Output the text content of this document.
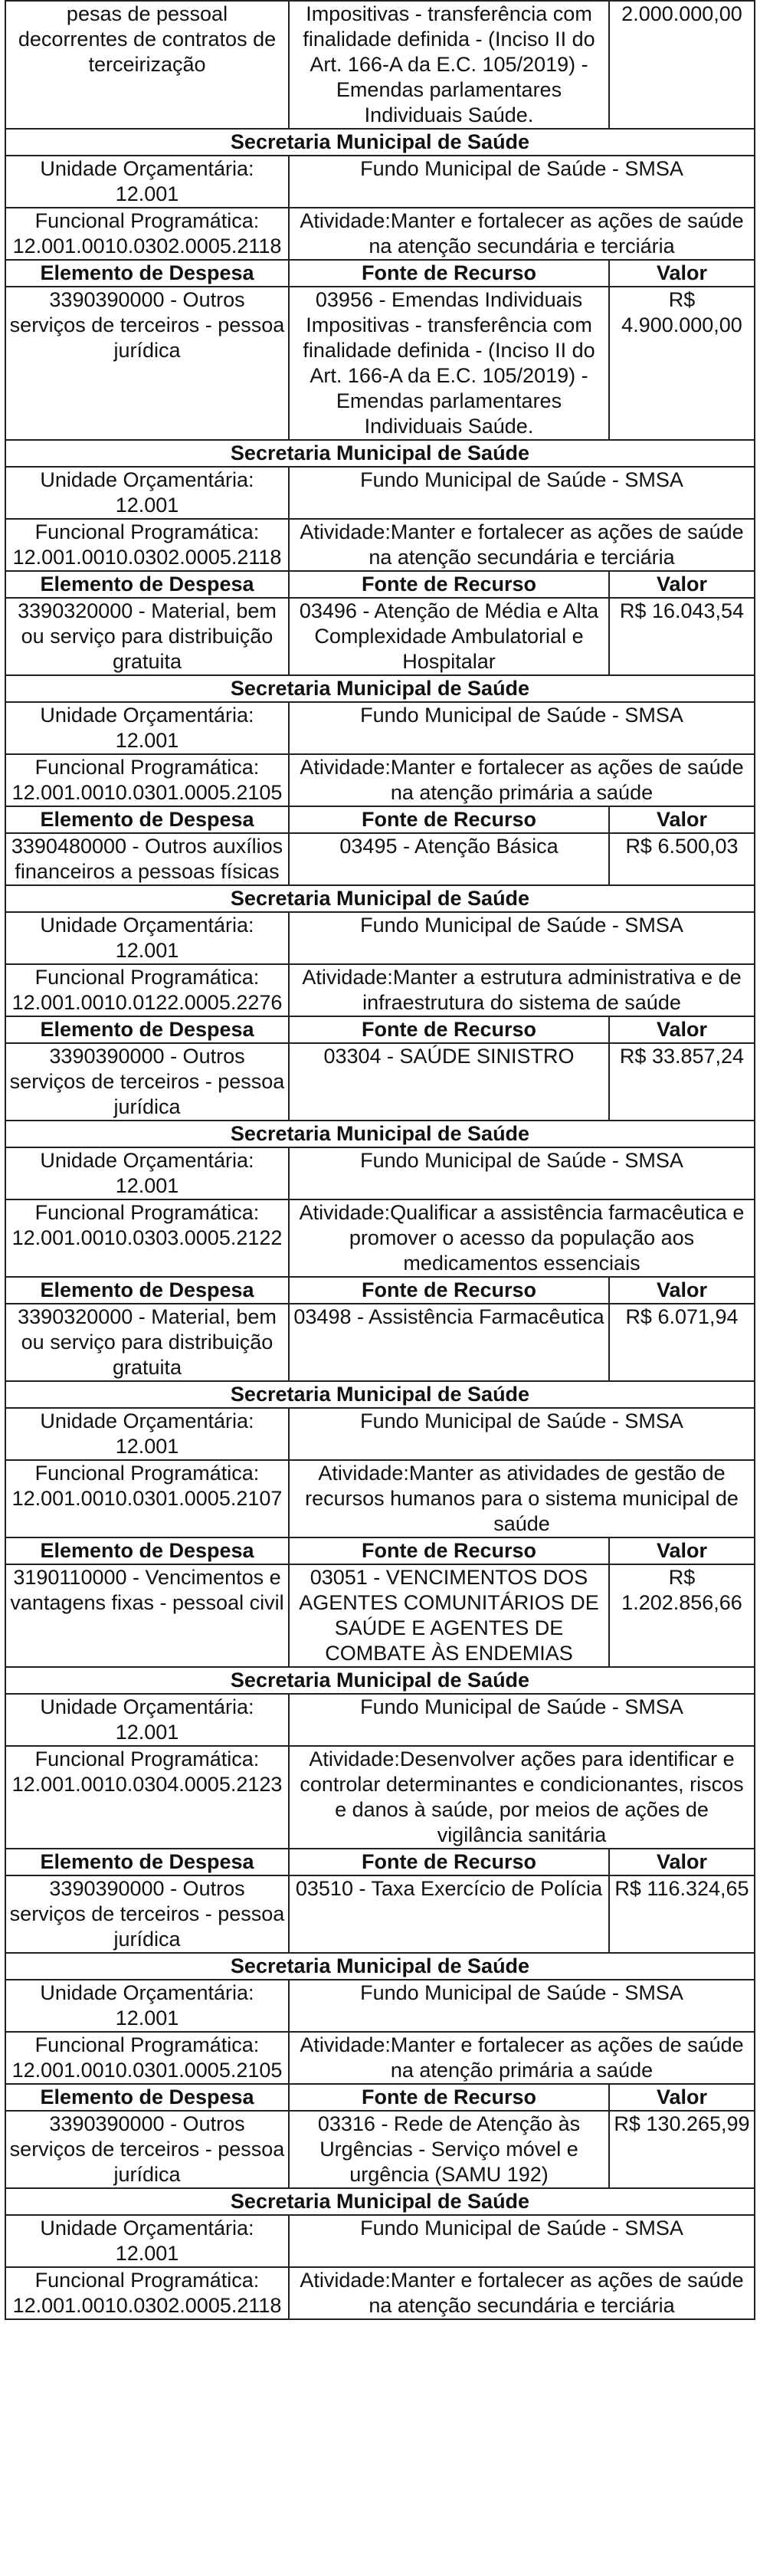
pesas de pessoal decorrentes de contratos de terceirização	Impositivas - transferência com finalidade definida - (Inciso II do Art. 166-A da E.C. 105/2019) - Emendas parlamentares Individuais Saúde.	2.000.000,00
Secretaria Municipal de Saúde		
Unidade Orçamentária: 12.001	Fundo Municipal de Saúde - SMSA	
Funcional Programática: 12.001.0010.0302.0005.2118	Atividade:Manter e fortalecer as ações de saúde na atenção secundária e terciária	
Elemento de Despesa	Fonte de Recurso	Valor
3390390000 - Outros serviços de terceiros - pessoa jurídica	03956 - Emendas Individuais Impositivas - transferência com finalidade definida - (Inciso II do Art. 166-A da E.C. 105/2019) - Emendas parlamentares Individuais Saúde.	R$ 4.900.000,00
Secretaria Municipal de Saúde		
Unidade Orçamentária: 12.001	Fundo Municipal de Saúde - SMSA	
Funcional Programática: 12.001.0010.0302.0005.2118	Atividade:Manter e fortalecer as ações de saúde na atenção secundária e terciária	
Elemento de Despesa	Fonte de Recurso	Valor
3390320000 - Material, bem ou serviço para distribuição gratuita	03496 - Atenção de Média e Alta Complexidade Ambulatorial e Hospitalar	R$ 16.043,54
Secretaria Municipal de Saúde		
Unidade Orçamentária: 12.001	Fundo Municipal de Saúde - SMSA	
Funcional Programática: 12.001.0010.0301.0005.2105	Atividade:Manter e fortalecer as ações de saúde na atenção primária a saúde	
Elemento de Despesa	Fonte de Recurso	Valor
3390480000 - Outros auxílios financeiros a pessoas físicas	03495 - Atenção Básica	R$ 6.500,03
Secretaria Municipal de Saúde		
Unidade Orçamentária: 12.001	Fundo Municipal de Saúde - SMSA	
Funcional Programática: 12.001.0010.0122.0005.2276	Atividade:Manter a estrutura administrativa e de infraestrutura do sistema de saúde	
Elemento de Despesa	Fonte de Recurso	Valor
3390390000 - Outros serviços de terceiros - pessoa jurídica	03304 - SAÚDE SINISTRO	R$ 33.857,24
Secretaria Municipal de Saúde		
Unidade Orçamentária: 12.001	Fundo Municipal de Saúde - SMSA	
Funcional Programática: 12.001.0010.0303.0005.2122	Atividade:Qualificar a assistência farmacêutica e promover o acesso da população aos medicamentos essenciais	
Elemento de Despesa	Fonte de Recurso	Valor
3390320000 - Material, bem ou serviço para distribuição gratuita	03498 - Assistência Farmacêutica	R$ 6.071,94
Secretaria Municipal de Saúde		
Unidade Orçamentária: 12.001	Fundo Municipal de Saúde - SMSA	
Funcional Programática: 12.001.0010.0301.0005.2107	Atividade:Manter as atividades de gestão de recursos humanos para o sistema municipal de saúde	
Elemento de Despesa	Fonte de Recurso	Valor
3190110000 - Vencimentos e vantagens fixas - pessoal civil	03051 - VENCIMENTOS DOS AGENTES COMUNITÁRIOS DE SAÚDE E AGENTES DE COMBATE ÀS ENDEMIAS	R$ 1.202.856,66
Secretaria Municipal de Saúde		
Unidade Orçamentária: 12.001	Fundo Municipal de Saúde - SMSA	
Funcional Programática: 12.001.0010.0304.0005.2123	Atividade:Desenvolver ações para identificar e controlar determinantes e condicionantes, riscos e danos à saúde, por meios de ações de vigilância sanitária	
Elemento de Despesa	Fonte de Recurso	Valor
3390390000 - Outros serviços de terceiros - pessoa jurídica	03510 - Taxa Exercício de Polícia	R$ 116.324,65
Secretaria Municipal de Saúde		
Unidade Orçamentária: 12.001	Fundo Municipal de Saúde - SMSA	
Funcional Programática: 12.001.0010.0301.0005.2105	Atividade:Manter e fortalecer as ações de saúde na atenção primária a saúde	
Elemento de Despesa	Fonte de Recurso	Valor
3390390000 - Outros serviços de terceiros - pessoa jurídica	03316 - Rede de Atenção às Urgências - Serviço móvel e urgência (SAMU 192)	R$ 130.265,99
Secretaria Municipal de Saúde		
Unidade Orçamentária: 12.001	Fundo Municipal de Saúde - SMSA	
Funcional Programática: 12.001.0010.0302.0005.2118	Atividade:Manter e fortalecer as ações de saúde na atenção secundária e terciária	
